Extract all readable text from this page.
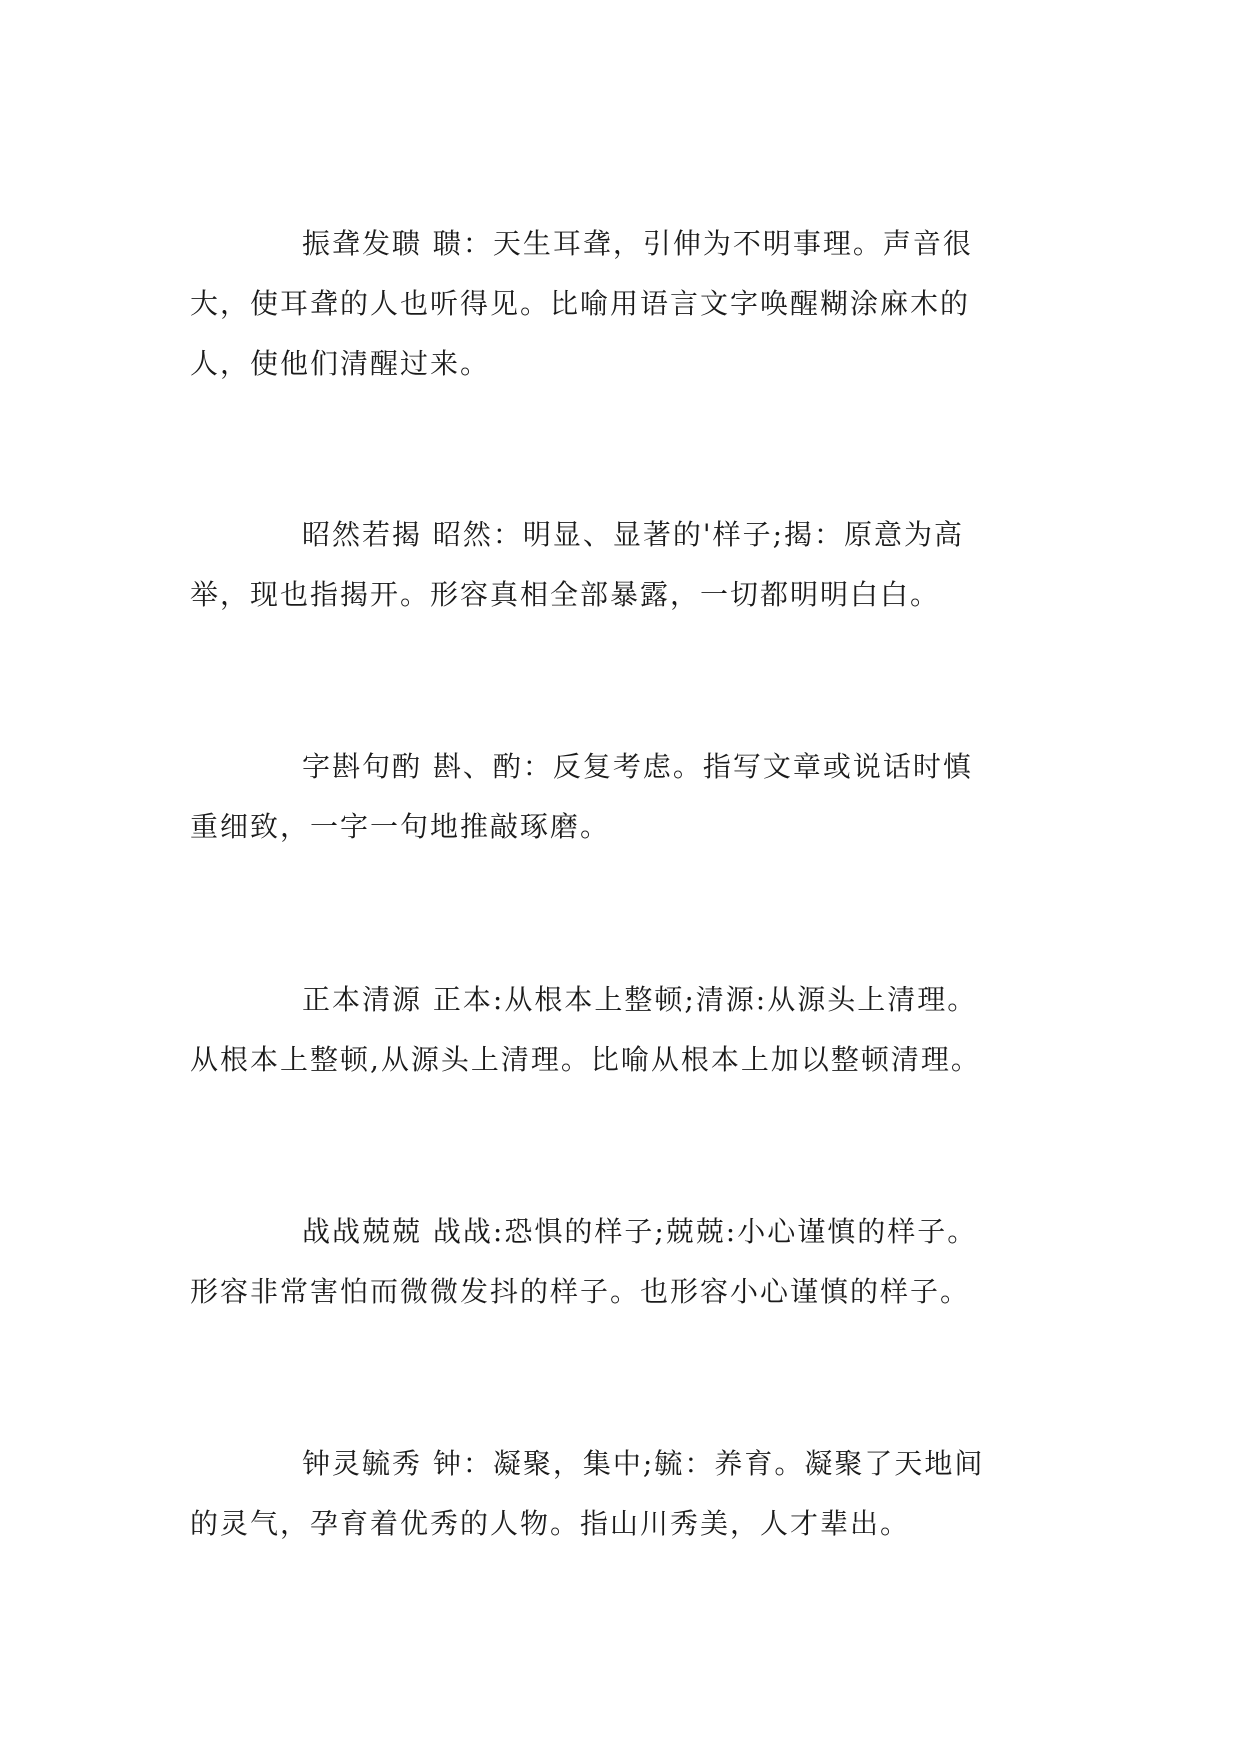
振聋发聩 聩：天生耳聋，引伸为不明事理。声音很
大，使耳聋的人也听得见。比喻用语言文字唤醒糊涂麻木的
人，使他们清醒过来。

昭然若揭 昭然：明显、显著的'样子;揭：原意为高
举，现也指揭开。形容真相全部暴露，一切都明明白白。

字斟句酌 斟、酌：反复考虑。指写文章或说话时慎
重细致，一字一句地推敲琢磨。

正本清源 正本:从根本上整顿;清源:从源头上清理。
从根本上整顿,从源头上清理。比喻从根本上加以整顿清理。

战战兢兢 战战:恐惧的样子;兢兢:小心谨慎的样子。
形容非常害怕而微微发抖的样子。也形容小心谨慎的样子。

钟灵毓秀 钟：凝聚，集中;毓：养育。凝聚了天地间
的灵气，孕育着优秀的人物。指山川秀美，人才辈出。
